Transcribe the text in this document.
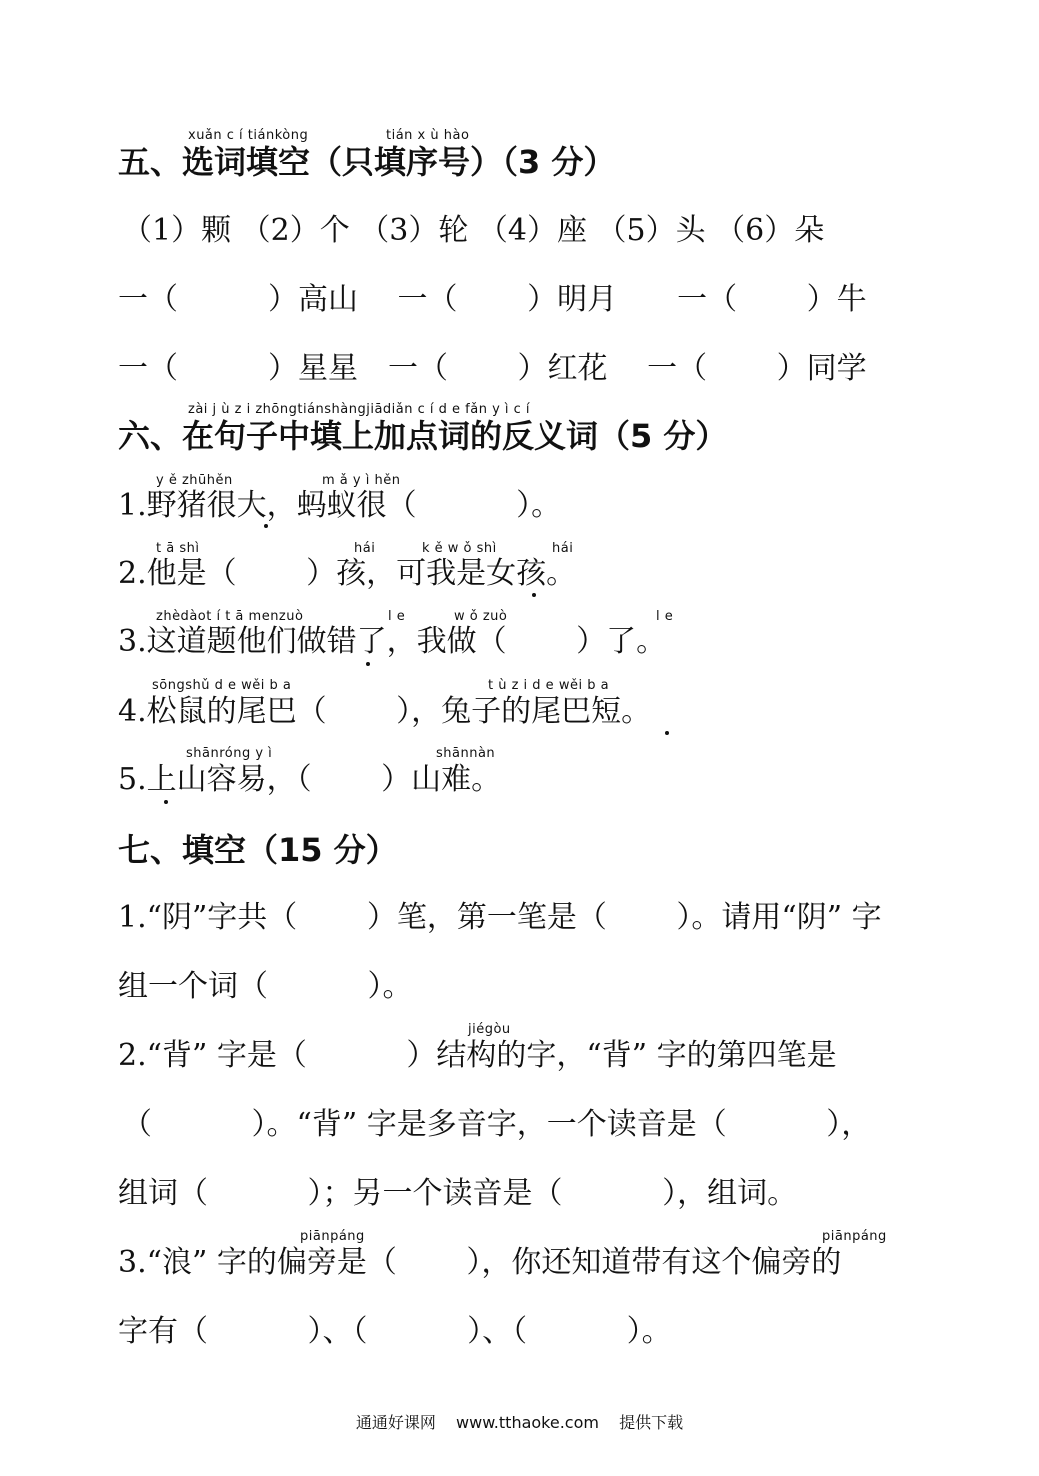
xuǎn c í tiánkòng	tián x ù hào
五、选词填空（只填序号）（3 分）
（1）颗 （2）个 （3）轮 （4）座 （5）头 （6）朵
一（　　　）高山　 一（　　 ）明月　　一（　　 ）牛
一（　　　）星星　一（　　 ）红花　 一（　　 ）同学
zài j ù z i zhōngtiánshàngjiādiǎn c í d e fǎn y ì c í
六、在句子中填上加点词的反义词（5 分）
y ě zhūhěn	m ǎ y ì hěn
1.野猪很大，蚂蚁很（　　　 ）。
t ā shì	hái	k ě w ǒ shì	hái
2.他是（　　 ）孩，可我是女孩。
zhèdàot í t ā menzuò	l e	w ǒ zuò	l e
3.这道题他们做错了，我做（　　 ）了。
sōngshǔ d e wěi b a	t ù z i d e wěi b a
4.松鼠的尾巴（　　 ），兔子的尾巴短。
shānróng y ì	shānnàn
5.上山容易，（　　 ）山难。
七、填空（15 分）
1.“阴”字共（　　 ）笔，第一笔是（　　 ）。请用“阴” 字
组一个词（　　　 ）。
jiégòu
2.“背” 字是（　　　 ）结构的字，“背” 字的第四笔是
（　　　 ）。“背” 字是多音字，一个读音是（　　　 ），
组词（　　　 ）；另一个读音是（　　　 ），组词。
piānpáng	piānpáng
3.“浪” 字的偏旁是（　　 ），你还知道带有这个偏旁的
字有（　　　 ）、（　　　 ）、（　　　 ）。
通通好课网 www.tthaoke.com 提供下载
